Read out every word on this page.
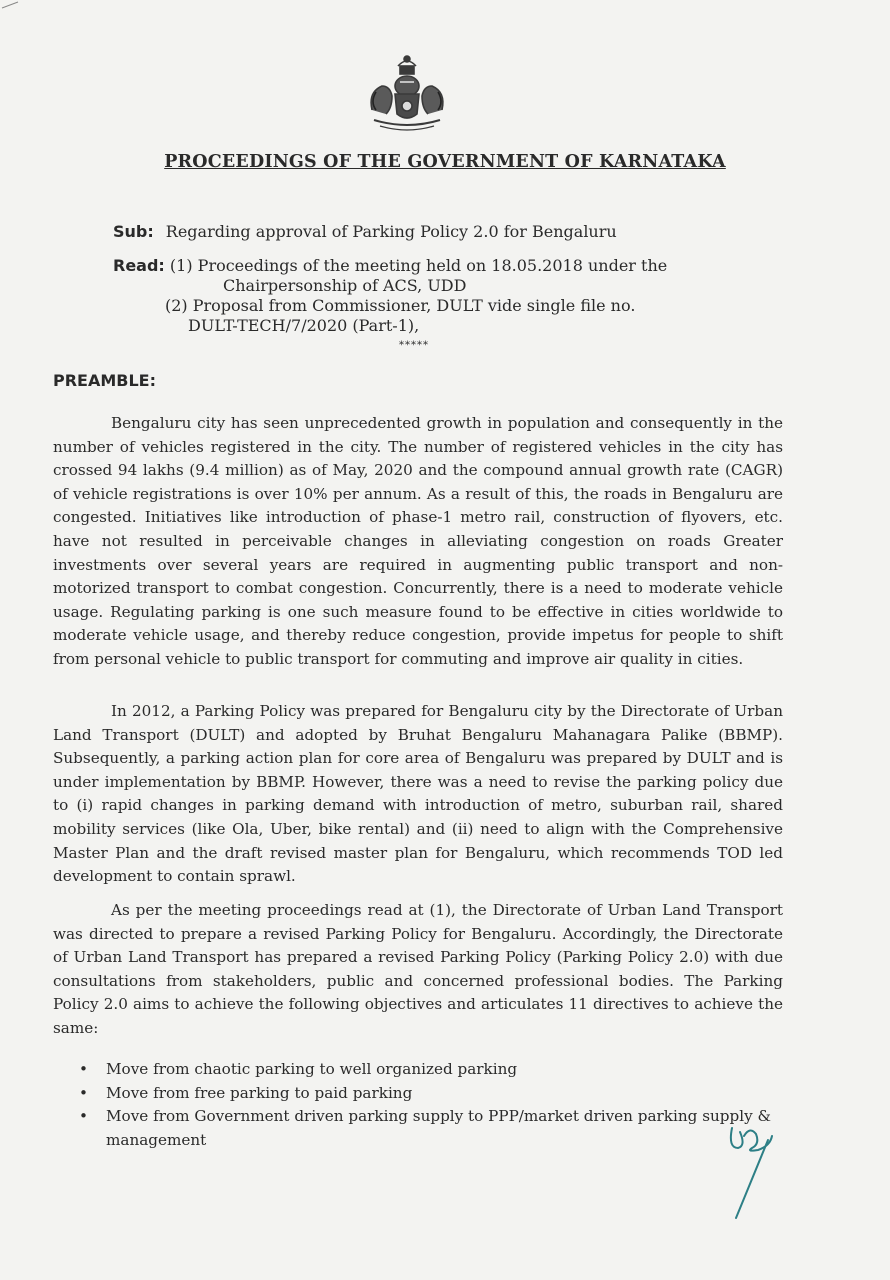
PROCEEDINGS OF THE GOVERNMENT OF KARNATAKA
Sub: Regarding approval of Parking Policy 2.0 for Bengaluru
Read: (1) Proceedings of the meeting held on 18.05.2018 under the
Chairpersonship of ACS, UDD
(2) Proposal from Commissioner, DULT vide single file no.
DULT-TECH/7/2020 (Part-1),
*****
PREAMBLE:

Bengaluru city has seen unprecedented growth in population and consequently in the number of vehicles registered in the city. The number of registered vehicles in the city has crossed 94 lakhs (9.4 million) as of May, 2020 and the compound annual growth rate (CAGR) of vehicle registrations is over 10% per annum. As a result of this, the roads in Bengaluru are congested. Initiatives like introduction of phase-1 metro rail, construction of flyovers, etc. have not resulted in perceivable changes in alleviating congestion on roads Greater investments over several years are required in augmenting public transport and non-motorized transport to combat congestion. Concurrently, there is a need to moderate vehicle usage. Regulating parking is one such measure found to be effective in cities worldwide to moderate vehicle usage, and thereby reduce congestion, provide impetus for people to shift from personal vehicle to public transport for commuting and improve air quality in cities.

In 2012, a Parking Policy was prepared for Bengaluru city by the Directorate of Urban Land Transport (DULT) and adopted by Bruhat Bengaluru Mahanagara Palike (BBMP). Subsequently, a parking action plan for core area of Bengaluru was prepared by DULT and is under implementation by BBMP. However, there was a need to revise the parking policy due to (i) rapid changes in parking demand with introduction of metro, suburban rail, shared mobility services (like Ola, Uber, bike rental) and (ii) need to align with the Comprehensive Master Plan and the draft revised master plan for Bengaluru, which recommends TOD led development to contain sprawl.

As per the meeting proceedings read at (1), the Directorate of Urban Land Transport was directed to prepare a revised Parking Policy for Bengaluru. Accordingly, the Directorate of Urban Land Transport has prepared a revised Parking Policy (Parking Policy 2.0) with due consultations from stakeholders, public and concerned professional bodies. The Parking Policy 2.0 aims to achieve the following objectives and articulates 11 directives to achieve the same:

• Move from chaotic parking to well organized parking
• Move from free parking to paid parking
• Move from Government driven parking supply to PPP/market driven parking supply & management
